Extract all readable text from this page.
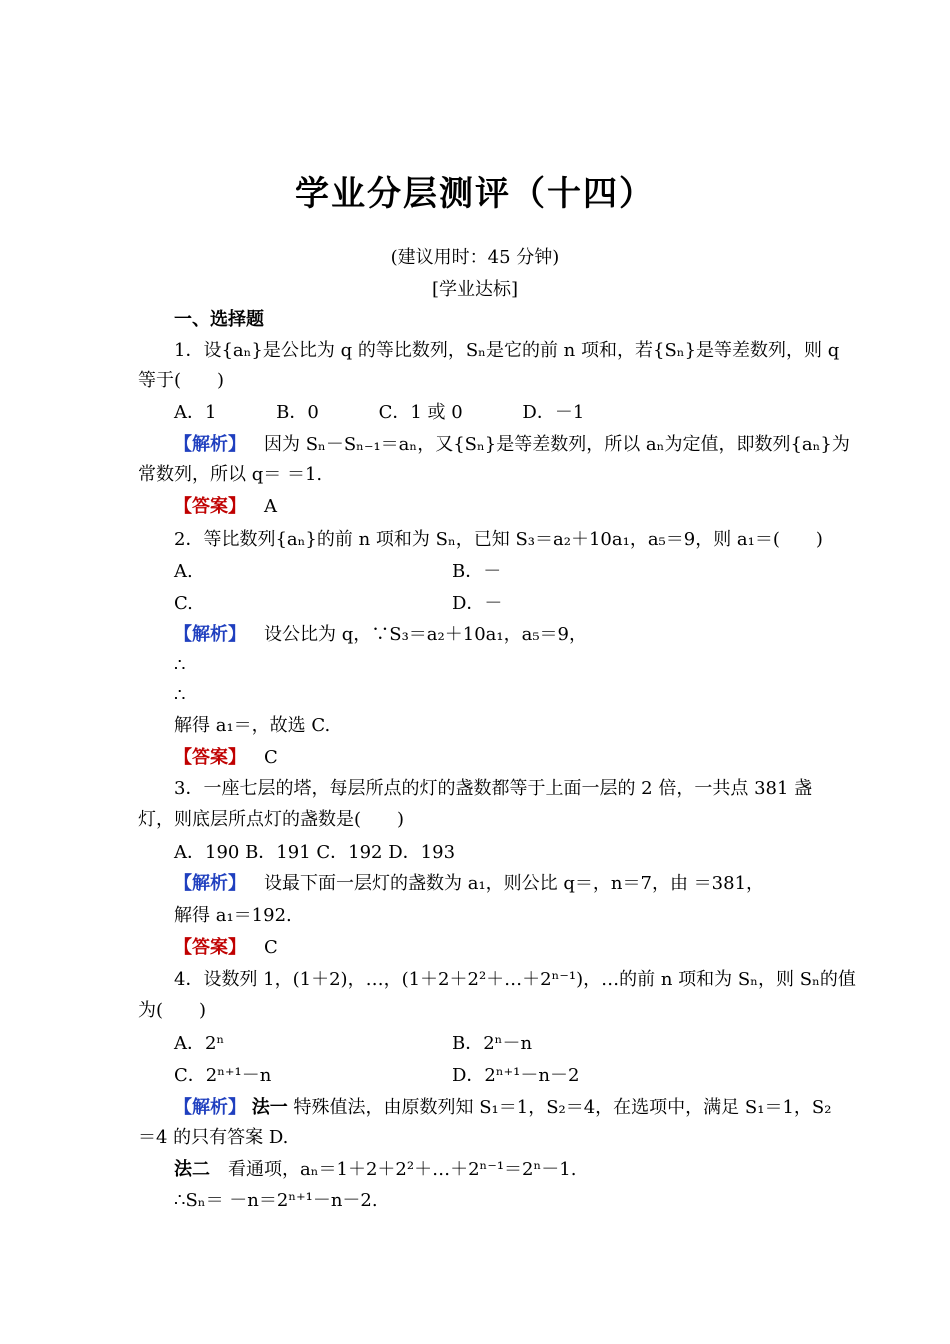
学业分层测评（十四）
(建议用时：45 分钟)
[学业达标]
一、选择题
1．设{aₙ}是公比为 q 的等比数列，Sₙ是它的前 n 项和，若{Sₙ}是等差数列，则 q
等于(　　)
A．1　　　 B．0　　　 C．1 或 0　　　 D．－1
【解析】 因为 Sₙ－Sₙ₋₁＝aₙ，又{Sₙ}是等差数列，所以 aₙ为定值，即数列{aₙ}为
常数列，所以 q＝ ＝1.
【答案】 A
2．等比数列{aₙ}的前 n 项和为 Sₙ，已知 S₃＝a₂＋10a₁，a₅＝9，则 a₁＝(　　)
A.	B．－
C.	D．－
【解析】 设公比为 q，∵S₃＝a₂＋10a₁，a₅＝9，
∴
∴
解得 a₁＝，故选 C.
【答案】 C
3．一座七层的塔，每层所点的灯的盏数都等于上面一层的 2 倍，一共点 381 盏
灯，则底层所点灯的盏数是(　　)
A．190 B．191 C．192 D．193
【解析】 设最下面一层灯的盏数为 a₁，则公比 q＝，n＝7，由 ＝381，
解得 a₁＝192.
【答案】 C
4．设数列 1，(1＋2)，…，(1＋2＋2²＋…＋2ⁿ⁻¹)，…的前 n 项和为 Sₙ，则 Sₙ的值
为(　　)
A．2ⁿ	B．2ⁿ－n
C．2ⁿ⁺¹－n	D．2ⁿ⁺¹－n－2
【解析】 法一 特殊值法，由原数列知 S₁＝1，S₂＝4，在选项中，满足 S₁＝1，S₂
＝4 的只有答案 D.
法二 看通项，aₙ＝1＋2＋2²＋…＋2ⁿ⁻¹＝2ⁿ－1.
∴Sₙ＝ －n＝2ⁿ⁺¹－n－2.
